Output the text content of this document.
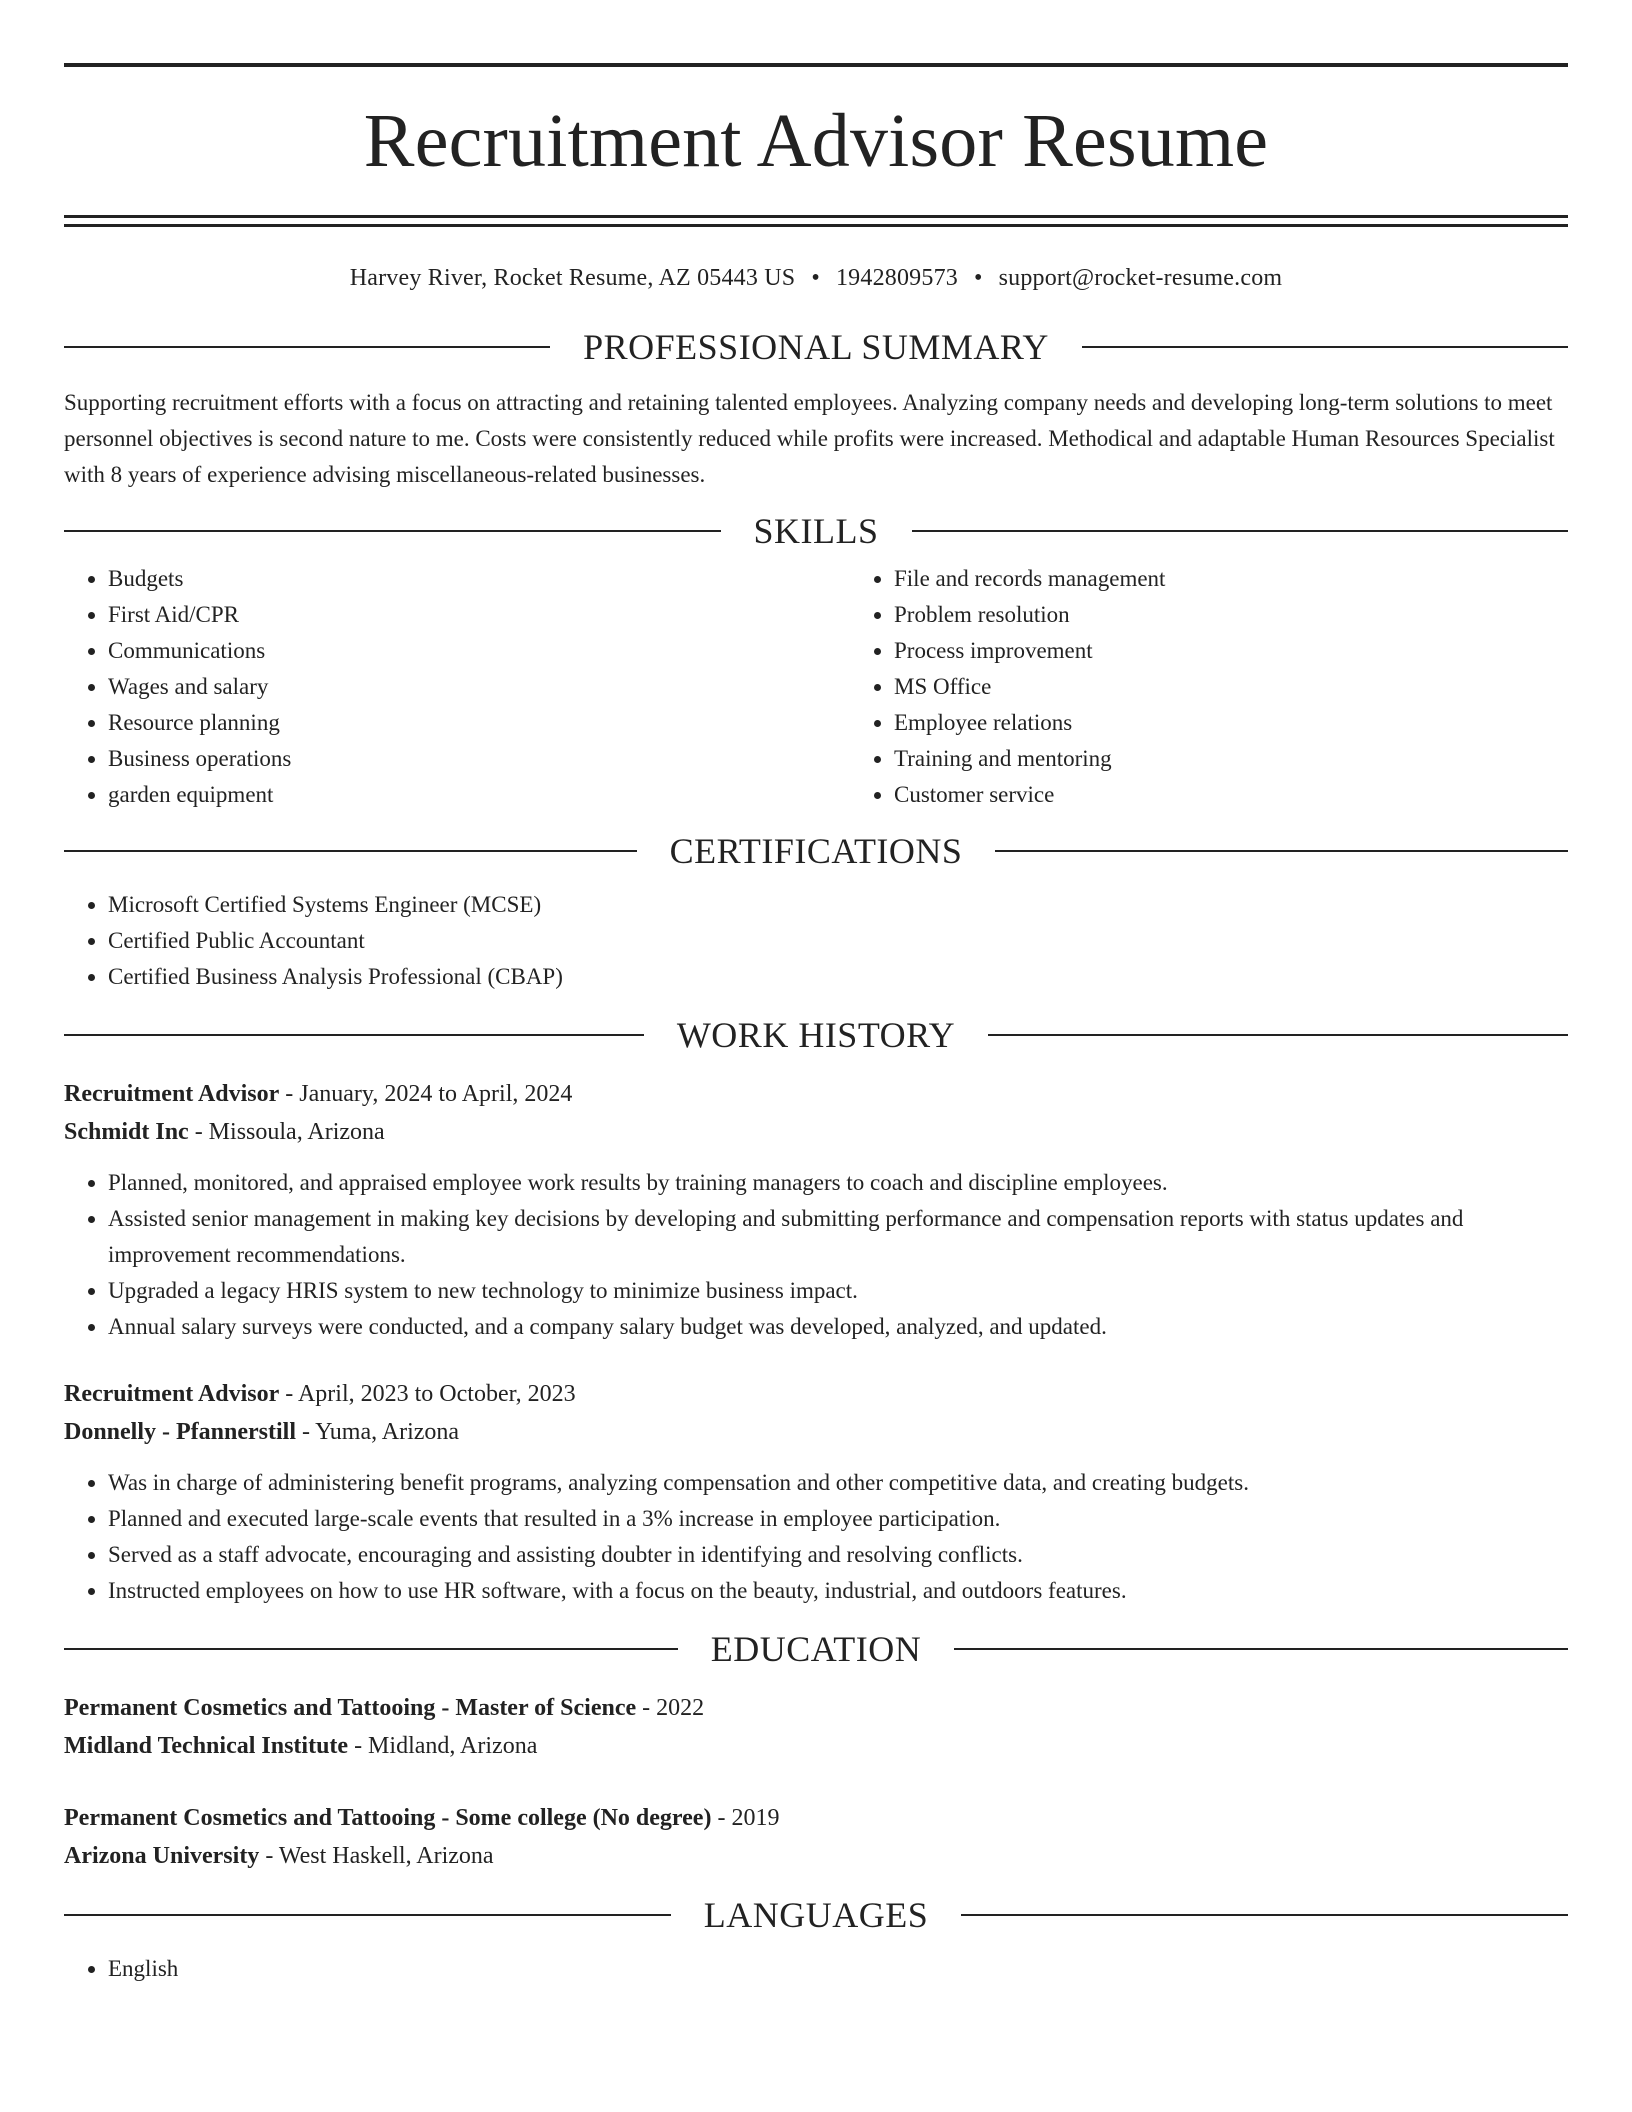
Recruitment Advisor Resume
Harvey River, Rocket Resume, AZ 05443 US • 1942809573 • support@rocket-resume.com
PROFESSIONAL SUMMARY

Supporting recruitment efforts with a focus on attracting and retaining talented employees. Analyzing company needs and developing long-term solutions to meet personnel objectives is second nature to me. Costs were consistently reduced while profits were increased. Methodical and adaptable Human Resources Specialist with 8 years of experience advising miscellaneous-related businesses.

SKILLS
• Budgets
• First Aid/CPR
• Communications
• Wages and salary
• Resource planning
• Business operations
• garden equipment
• File and records management
• Problem resolution
• Process improvement
• MS Office
• Employee relations
• Training and mentoring
• Customer service
CERTIFICATIONS
• Microsoft Certified Systems Engineer (MCSE)
• Certified Public Accountant
• Certified Business Analysis Professional (CBAP)
WORK HISTORY

Recruitment Advisor - January, 2024 to April, 2024

Schmidt Inc - Missoula, Arizona

• Planned, monitored, and appraised employee work results by training managers to coach and discipline employees.
• Assisted senior management in making key decisions by developing and submitting performance and compensation reports with status updates and improvement recommendations.
• Upgraded a legacy HRIS system to new technology to minimize business impact.
• Annual salary surveys were conducted, and a company salary budget was developed, analyzed, and updated.

Recruitment Advisor - April, 2023 to October, 2023

Donnelly - Pfannerstill - Yuma, Arizona

• Was in charge of administering benefit programs, analyzing compensation and other competitive data, and creating budgets.
• Planned and executed large-scale events that resulted in a 3% increase in employee participation.
• Served as a staff advocate, encouraging and assisting doubter in identifying and resolving conflicts.
• Instructed employees on how to use HR software, with a focus on the beauty, industrial, and outdoors features.
EDUCATION

Permanent Cosmetics and Tattooing - Master of Science - 2022

Midland Technical Institute - Midland, Arizona

Permanent Cosmetics and Tattooing - Some college (No degree) - 2019

Arizona University - West Haskell, Arizona

LANGUAGES
• English
